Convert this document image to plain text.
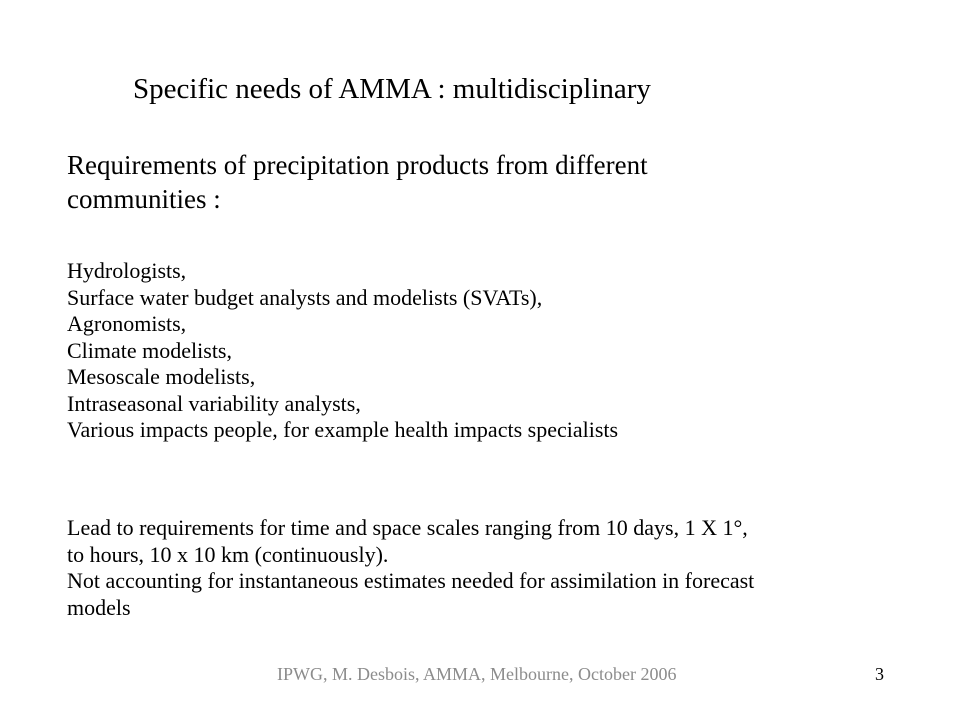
Specific needs of AMMA : multidisciplinary
Requirements of precipitation products from different
communities :
Hydrologists,
Surface water budget analysts and modelists (SVATs),
Agronomists,
Climate modelists,
Mesoscale modelists,
Intraseasonal variability analysts,
Various impacts people, for example health impacts specialists
Lead to requirements for time and space scales ranging from 10 days, 1 X 1°,
to hours, 10 x 10 km (continuously).
Not accounting for instantaneous estimates needed for assimilation in forecast
models
IPWG, M. Desbois, AMMA, Melbourne, October 2006	3
